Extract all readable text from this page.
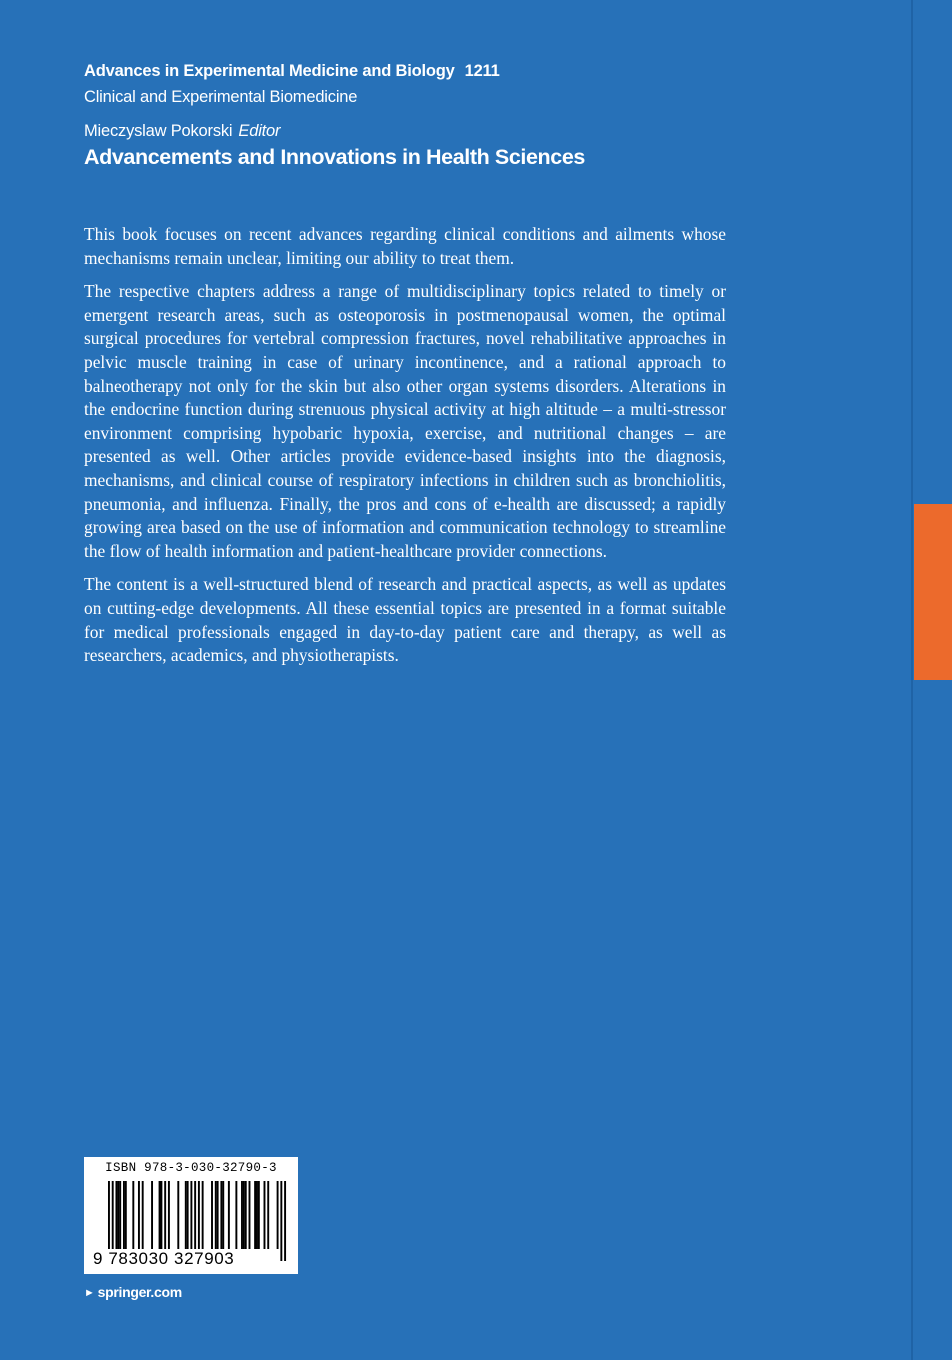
Advances in Experimental Medicine and Biology 1211
Clinical and Experimental Biomedicine
Mieczyslaw Pokorski Editor
Advancements and Innovations in Health Sciences

This book focuses on recent advances regarding clinical conditions and ailments whose mechanisms remain unclear, limiting our ability to treat them.

The respective chapters address a range of multidisciplinary topics related to timely or emergent research areas, such as osteoporosis in postmenopausal women, the optimal surgical procedures for vertebral compression fractures, novel rehabilitative approaches in pelvic muscle training in case of urinary incontinence, and a rational approach to balneotherapy not only for the skin but also other organ systems disorders. Alterations in the endocrine function during strenuous physical activity at high altitude – a multi-stressor environment comprising hypobaric hypoxia, exercise, and nutritional changes – are presented as well. Other articles provide evidence-based insights into the diagnosis, mechanisms, and clinical course of respiratory infections in children such as bronchiolitis, pneumonia, and influenza. Finally, the pros and cons of e-health are discussed; a rapidly growing area based on the use of information and communication technology to streamline the flow of health information and patient-healthcare provider connections.

The content is a well-structured blend of research and practical aspects, as well as updates on cutting-edge developments. All these essential topics are presented in a format suitable for medical professionals engaged in day-to-day patient care and therapy, as well as researchers, academics, and physiotherapists.

ISBN 978-3-030-32790-3
9 783030 327903
► springer.com
